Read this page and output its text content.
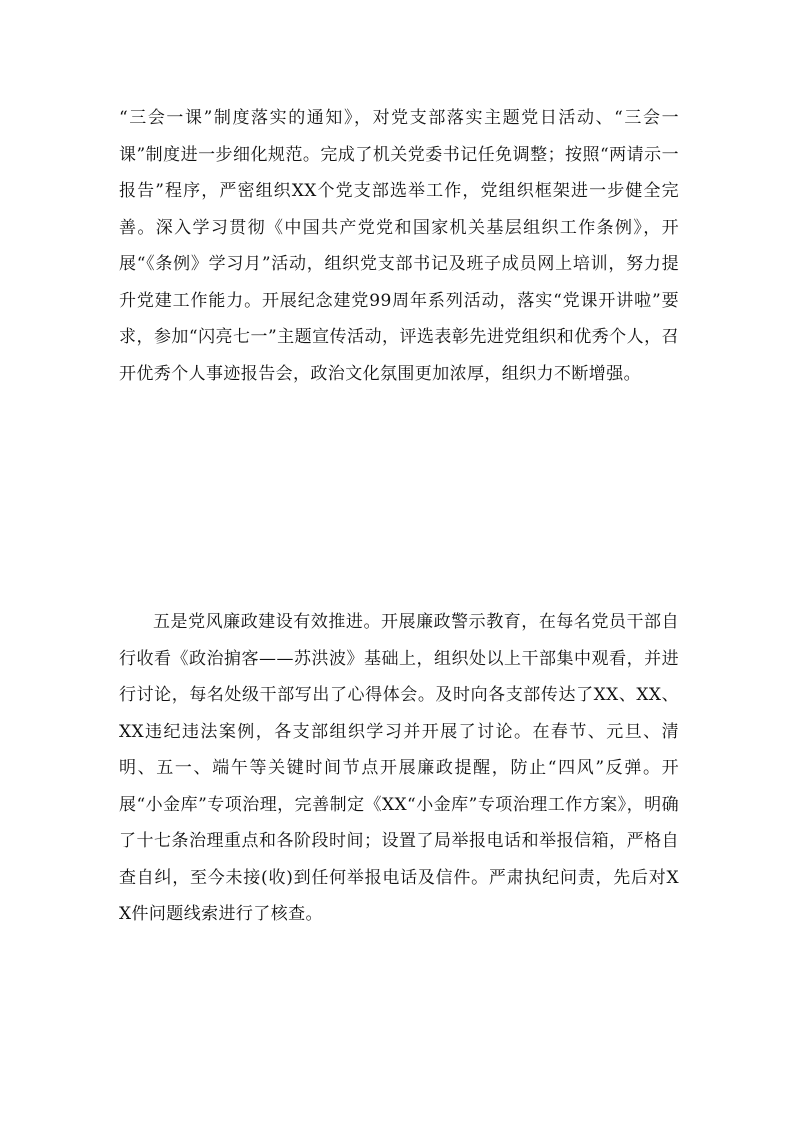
“三会一课”制度落实的通知》，对党支部落实主题党日活动、“三会一课”制度进一步细化规范。完成了机关党委书记任免调整；按照“两请示一报告”程序，严密组织XX个党支部选举工作，党组织框架进一步健全完善。深入学习贯彻《中国共产党党和国家机关基层组织工作条例》，开展“《条例》学习月”活动，组织党支部书记及班子成员网上培训，努力提升党建工作能力。开展纪念建党99周年系列活动，落实“党课开讲啦”要求，参加“闪亮七一”主题宣传活动，评选表彰先进党组织和优秀个人，召开优秀个人事迹报告会，政治文化氛围更加浓厚，组织力不断增强。

五是党风廉政建设有效推进。开展廉政警示教育，在每名党员干部自行收看《政治掮客——苏洪波》基础上，组织处以上干部集中观看，并进行讨论，每名处级干部写出了心得体会。及时向各支部传达了XX、XX、XX违纪违法案例，各支部组织学习并开展了讨论。在春节、元旦、清明、五一、端午等关键时间节点开展廉政提醒，防止“四风”反弹。开展“小金库”专项治理，完善制定《XX“小金库”专项治理工作方案》，明确了十七条治理重点和各阶段时间；设置了局举报电话和举报信箱，严格自查自纠，至今未接(收)到任何举报电话及信件。严肃执纪问责，先后对XX件问题线索进行了核查。
